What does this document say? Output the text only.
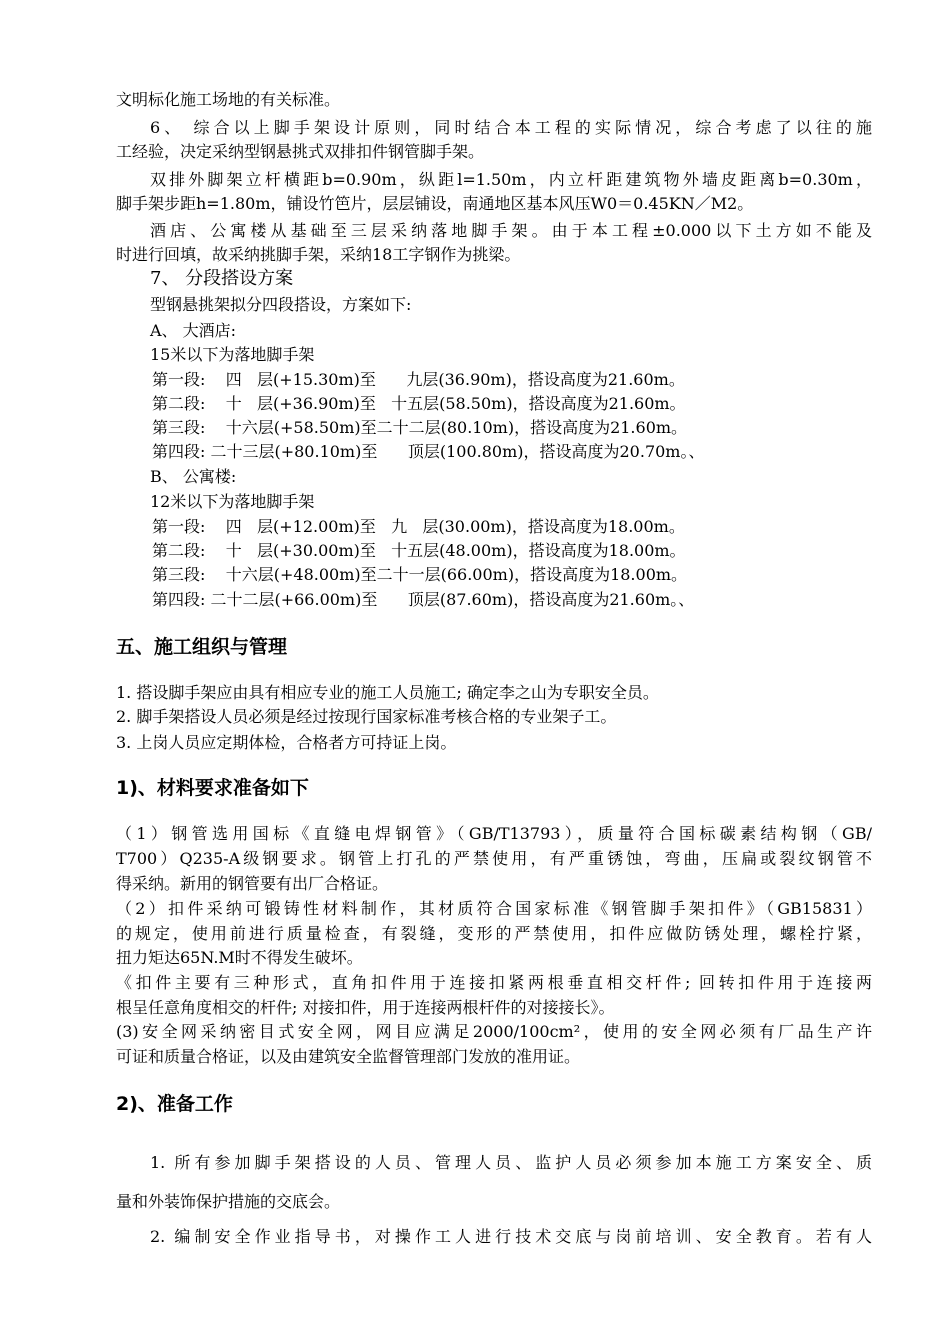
文明标化施工场地的有关标准。
6、 综合以上脚手架设计原则，同时结合本工程的实际情况，综合考虑了以往的施
工经验，决定采纳型钢悬挑式双排扣件钢管脚手架。
双排外脚架立杆横距b=0.90m，纵距l=1.50m，内立杆距建筑物外墙皮距离b=0.30m，
脚手架步距h=1.80m，铺设竹笆片，层层铺设，南通地区基本风压W0＝0.45KN／M2。
酒店、公寓楼从基础至三层采纳落地脚手架。由于本工程±0.000以下土方如不能及
时进行回填，故采纳挑脚手架，采纳18工字钢作为挑梁。
7、 分段搭设方案
型钢悬挑架拟分四段搭设，方案如下:
A、 大酒店:
15米以下为落地脚手架
第一段:    四   层(+15.30m)至      九层(36.90m)，搭设高度为21.60m。
第二段:    十   层(+36.90m)至   十五层(58.50m)，搭设高度为21.60m。
第三段:    十六层(+58.50m)至二十二层(80.10m)，搭设高度为21.60m。
第四段: 二十三层(+80.10m)至      顶层(100.80m)，搭设高度为20.70m。、
B、 公寓楼:
12米以下为落地脚手架
第一段:    四   层(+12.00m)至   九   层(30.00m)，搭设高度为18.00m。
第二段:    十   层(+30.00m)至   十五层(48.00m)，搭设高度为18.00m。
第三段:    十六层(+48.00m)至二十一层(66.00m)，搭设高度为18.00m。
第四段: 二十二层(+66.00m)至      顶层(87.60m)，搭设高度为21.60m。、
五、施工组织与管理
1. 搭设脚手架应由具有相应专业的施工人员施工; 确定李之山为专职安全员。
2. 脚手架搭设人员必须是经过按现行国家标准考核合格的专业架子工。
3. 上岗人员应定期体检，合格者方可持证上岗。
1)、材料要求准备如下
（1）钢管选用国标《直缝电焊钢管》（GB/T13793），质量符合国标碳素结构钢（GB/
T700）Q235-A级钢要求。钢管上打孔的严禁使用，有严重锈蚀，弯曲，压扁或裂纹钢管不
得采纳。新用的钢管要有出厂合格证。
（2）扣件采纳可锻铸性材料制作，其材质符合国家标准《钢管脚手架扣件》（GB15831）
的规定，使用前进行质量检查，有裂缝，变形的严禁使用，扣件应做防锈处理，螺栓拧紧，
扭力矩达65N.M时不得发生破坏。
《扣件主要有三种形式，直角扣件用于连接扣紧两根垂直相交杆件; 回转扣件用于连接两
根呈任意角度相交的杆件; 对接扣件，用于连接两根杆件的对接接长》。
(3)安全网采纳密目式安全网，网目应满足2000/100cm²，使用的安全网必须有厂品生产许
可证和质量合格证，以及由建筑安全监督管理部门发放的准用证。
2)、准备工作
1. 所有参加脚手架搭设的人员、管理人员、监护人员必须参加本施工方案安全、质
量和外装饰保护措施的交底会。
2. 编制安全作业指导书，对操作工人进行技术交底与岗前培训、安全教育。若有人
